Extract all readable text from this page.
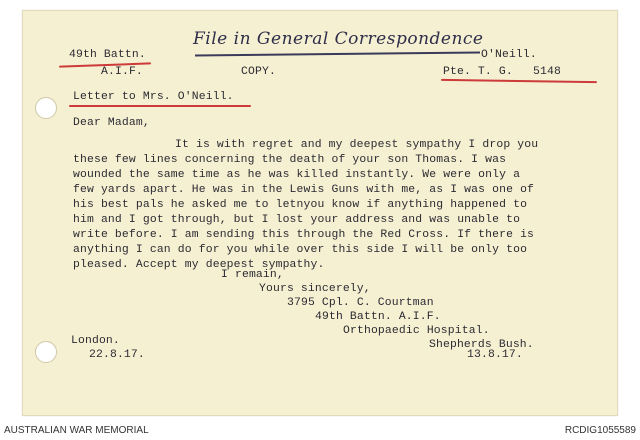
File in General Correspondence
49th Battn.
A.I.F.	COPY.
O'Neill.
Pte. T. G. 5148
Letter to Mrs. O'Neill.
Dear Madam,
It is with regret and my deepest sympathy I drop you
these few lines concerning the death of your son Thomas. I was
wounded the same time as he was killed instantly. We were only a
few yards apart. He was in the Lewis Guns with me, as I was one of
his best pals he asked me to letnyou know if anything happened to
him and I got through, but I lost your address and was unable to
write before. I am sending this through the Red Cross. If there is
anything I can do for you while over this side I will be only too
pleased. Accept my deepest sympathy.
I remain,
Yours sincerely,
3795 Cpl. C. Courtman
49th Battn. A.I.F.
Orthopaedic Hospital.
Shepherds Bush.
London.
22.8.17.	13.8.17.
AUSTRALIAN WAR MEMORIAL	RCDIG1055589
